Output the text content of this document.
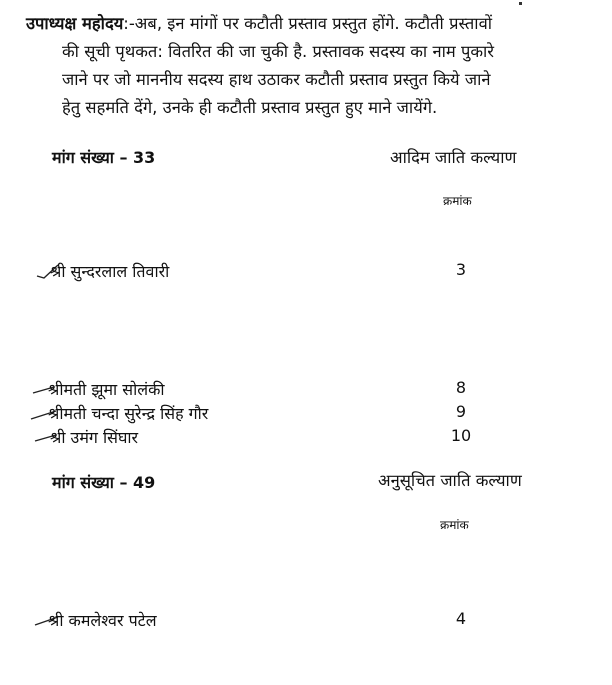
उपाध्यक्ष महोदय:-अब, इन मांगों पर कटौती प्रस्ताव प्रस्तुत होंगे. कटौती प्रस्तावों
की सूची पृथकत: वितरित की जा चुकी है. प्रस्तावक सदस्य का नाम पुकारे
जाने पर जो माननीय सदस्य हाथ उठाकर कटौती प्रस्ताव प्रस्तुत किये जाने
हेतु सहमति देंगे, उनके ही कटौती प्रस्ताव प्रस्तुत हुए माने जायेंगे.
मांग संख्या – 33	आदिम जाति कल्याण
क्रमांक
श्री सुन्दरलाल तिवारी	3
श्रीमती झूमा सोलंकी	8
श्रीमती चन्दा सुरेन्द्र सिंह गौर	9
श्री उमंग सिंघार	10
मांग संख्या – 49	अनुसूचित जाति कल्याण
क्रमांक
श्री कमलेश्वर पटेल	4
